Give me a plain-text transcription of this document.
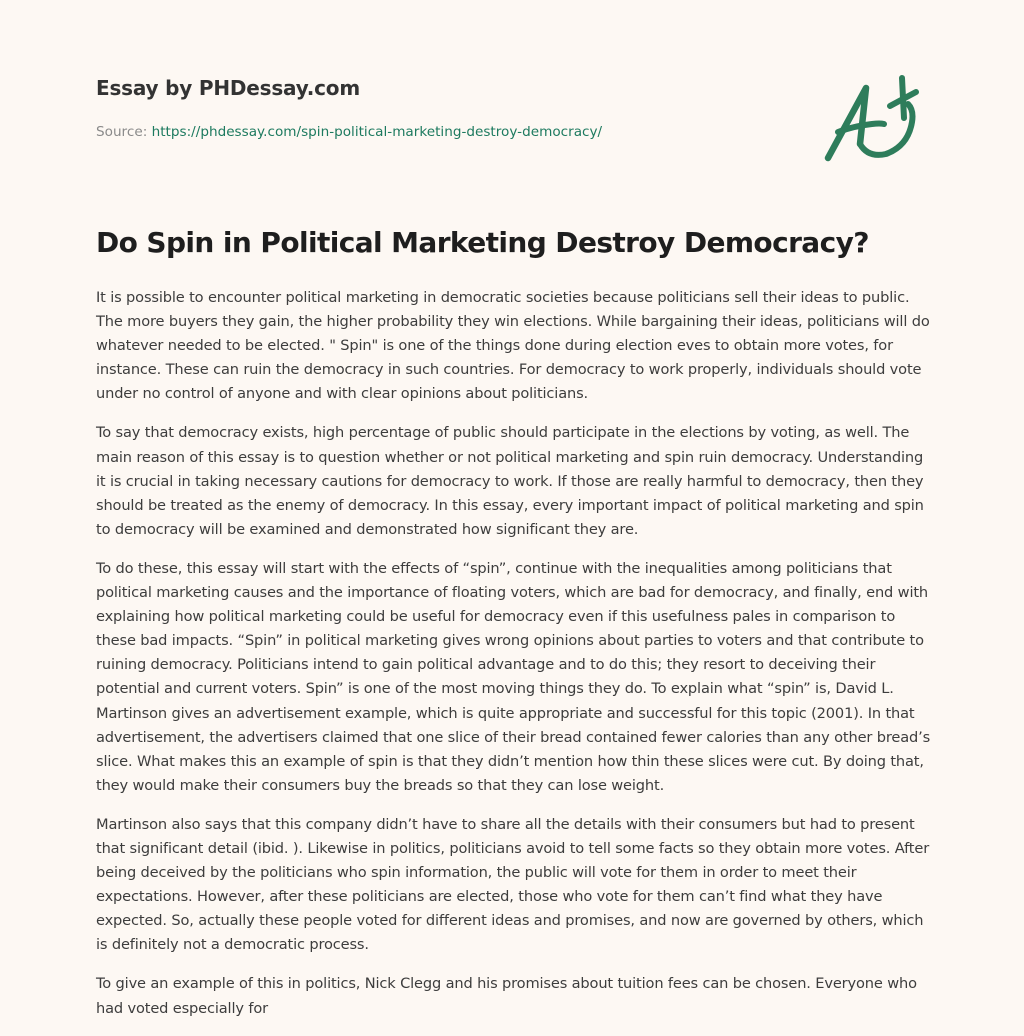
Essay by PHDessay.com
Source: https://phdessay.com/spin-political-marketing-destroy-democracy/
Do Spin in Political Marketing Destroy Democracy?

It is possible to encounter political marketing in democratic societies because politicians sell their ideas to public. The more buyers they gain, the higher probability they win elections. While bargaining their ideas, politicians will do whatever needed to be elected. " Spin" is one of the things done during election eves to obtain more votes, for instance. These can ruin the democracy in such countries. For democracy to work properly, individuals should vote under no control of anyone and with clear opinions about politicians.

To say that democracy exists, high percentage of public should participate in the elections by voting, as well. The main reason of this essay is to question whether or not political marketing and spin ruin democracy. Understanding it is crucial in taking necessary cautions for democracy to work. If those are really harmful to democracy, then they should be treated as the enemy of democracy. In this essay, every important impact of political marketing and spin to democracy will be examined and demonstrated how significant they are.

To do these, this essay will start with the effects of “spin”, continue with the inequalities among politicians that political marketing causes and the importance of floating voters, which are bad for democracy, and finally, end with explaining how political marketing could be useful for democracy even if this usefulness pales in comparison to these bad impacts. “Spin” in political marketing gives wrong opinions about parties to voters and that contribute to ruining democracy. Politicians intend to gain political advantage and to do this; they resort to deceiving their potential and current voters. Spin” is one of the most moving things they do. To explain what “spin” is, David L. Martinson gives an advertisement example, which is quite appropriate and successful for this topic (2001). In that advertisement, the advertisers claimed that one slice of their bread contained fewer calories than any other bread’s slice. What makes this an example of spin is that they didn’t mention how thin these slices were cut. By doing that, they would make their consumers buy the breads so that they can lose weight.

Martinson also says that this company didn’t have to share all the details with their consumers but had to present that significant detail (ibid. ). Likewise in politics, politicians avoid to tell some facts so they obtain more votes. After being deceived by the politicians who spin information, the public will vote for them in order to meet their expectations. However, after these politicians are elected, those who vote for them can’t find what they have expected. So, actually these people voted for different ideas and promises, and now are governed by others, which is definitely not a democratic process.

To give an example of this in politics, Nick Clegg and his promises about tuition fees can be chosen. Everyone who had voted especially for
